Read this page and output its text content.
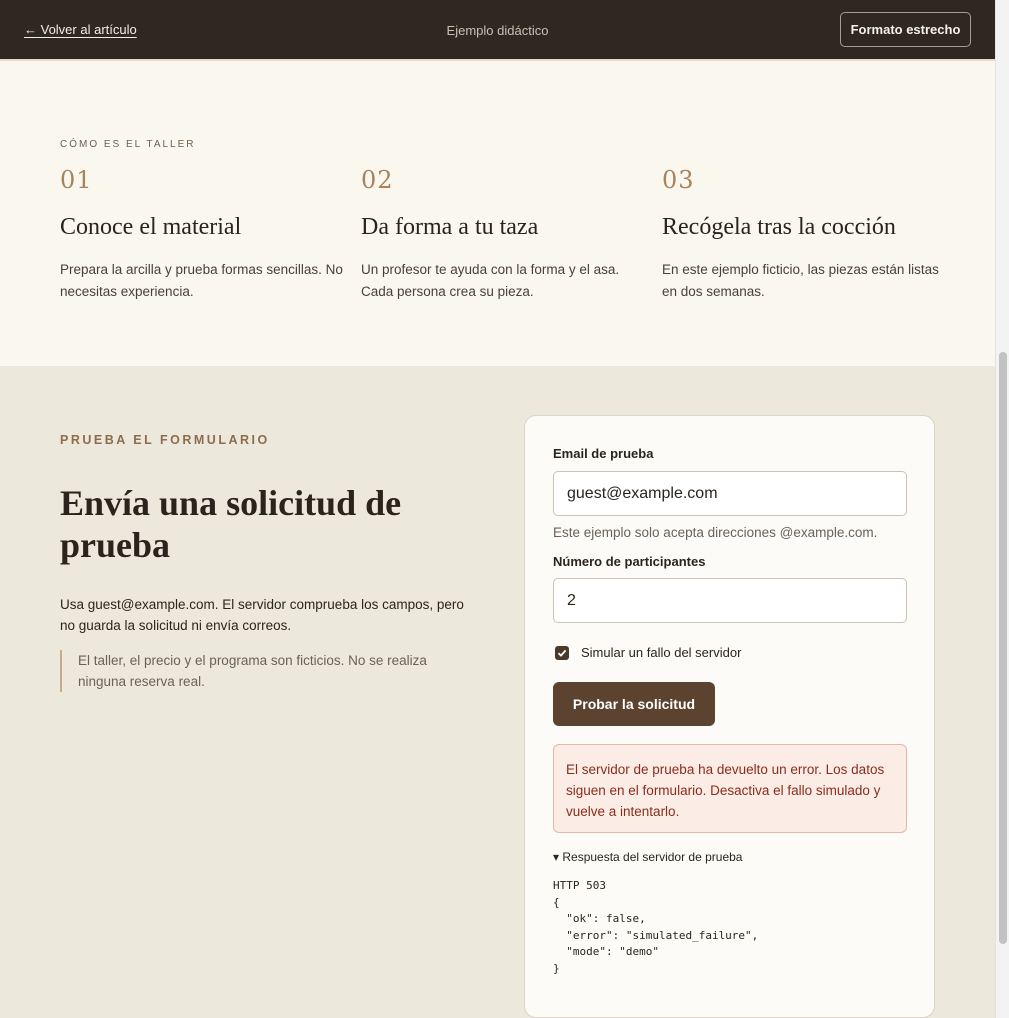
← Volver al artículo	Ejemplo didáctico	Formato estrecho
CÓMO ES EL TALLER
01
Conoce el material
Prepara la arcilla y prueba formas sencillas. No necesitas experiencia.
02
Da forma a tu taza
Un profesor te ayuda con la forma y el asa. Cada persona crea su pieza.
03
Recógela tras la cocción
En este ejemplo ficticio, las piezas están listas en dos semanas.
PRUEBA EL FORMULARIO
Envía una solicitud de prueba

Usa guest@example.com. El servidor comprueba los campos, pero no guarda la solicitud ni envía correos.

El taller, el precio y el programa son ficticios. No se realiza ninguna reserva real.
Email de prueba
guest@example.com
Este ejemplo solo acepta direcciones @example.com.
Número de participantes
2
Simular un fallo del servidor
Probar la solicitud
El servidor de prueba ha devuelto un error. Los datos siguen en el formulario. Desactiva el fallo simulado y vuelve a intentarlo.
▾ Respuesta del servidor de prueba
HTTP 503
{
"ok": false,
"error": "simulated_failure",
"mode": "demo"
}
